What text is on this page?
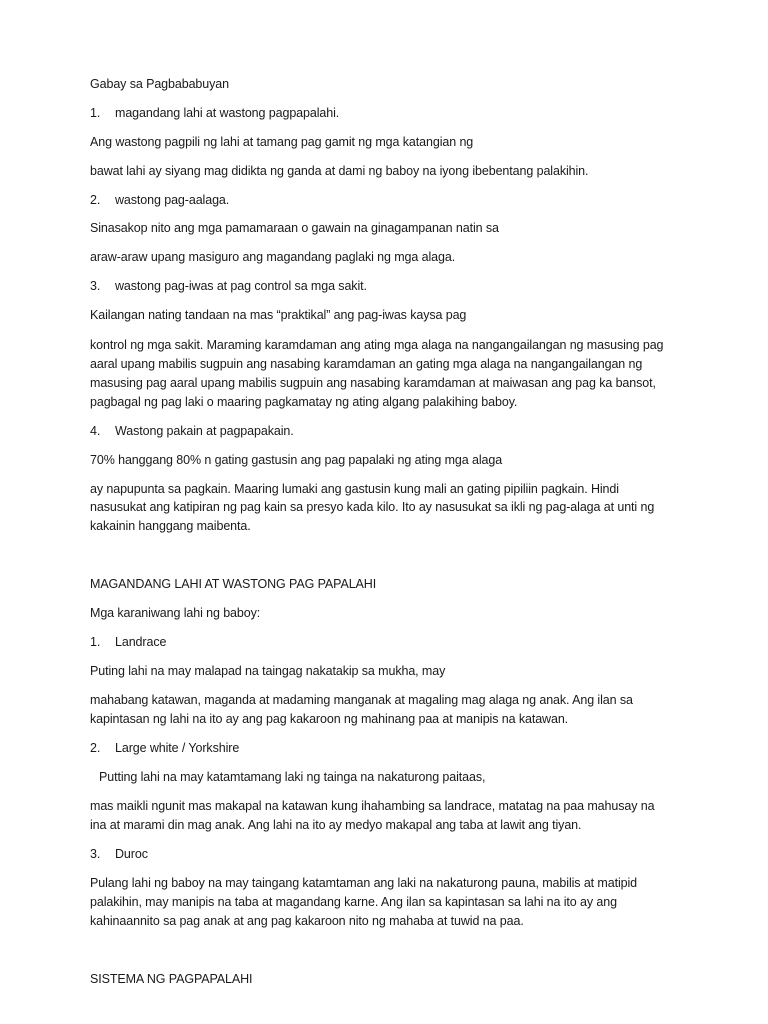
Gabay sa Pagbababuyan
1. magandang lahi at wastong pagpapalahi.
Ang wastong pagpili ng lahi at tamang pag gamit ng mga katangian ng
bawat lahi ay siyang mag didikta ng ganda at dami ng baboy na iyong ibebentang palakihin.
2. wastong pag-aalaga.
Sinasakop nito ang mga pamamaraan o gawain na ginagampanan natin sa
araw-araw upang masiguro ang magandang paglaki ng mga alaga.
3. wastong pag-iwas at pag control sa mga sakit.
Kailangan nating tandaan na mas “praktikal” ang pag-iwas kaysa pag
kontrol ng mga sakit. Maraming karamdaman ang ating mga alaga na nangangailangan ng masusing pag
aaral upang mabilis sugpuin ang nasabing karamdaman an gating mga alaga na nangangailangan ng
masusing pag aaral upang mabilis sugpuin ang nasabing karamdaman at maiwasan ang pag ka bansot,
pagbagal ng pag laki o maaring pagkamatay ng ating algang palakihing baboy.
4. Wastong pakain at pagpapakain.
70% hanggang 80% n gating gastusin ang pag papalaki ng ating mga alaga
ay napupunta sa pagkain. Maaring lumaki ang gastusin kung mali an gating pipiliin pagkain. Hindi
nasusukat ang katipiran ng pag kain sa presyo kada kilo. Ito ay nasusukat sa ikli ng pag-alaga at unti ng
kakainin hanggang maibenta.
MAGANDANG LAHI AT WASTONG PAG PAPALAHI
Mga karaniwang lahi ng baboy:
1. Landrace
Puting lahi na may malapad na taingag nakatakip sa mukha, may
mahabang katawan, maganda at madaming manganak at magaling mag alaga ng anak. Ang ilan sa
kapintasan ng lahi na ito ay ang pag kakaroon ng mahinang paa at manipis na katawan.
2. Large white / Yorkshire
Putting lahi na may katamtamang laki ng tainga na nakaturong paitaas,
mas maikli ngunit mas makapal na katawan kung ihahambing sa landrace, matatag na paa mahusay na
ina at marami din mag anak. Ang lahi na ito ay medyo makapal ang taba at lawit ang tiyan.
3. Duroc
Pulang lahi ng baboy na may taingang katamtaman ang laki na nakaturong pauna, mabilis at matipid
palakihin, may manipis na taba at magandang karne. Ang ilan sa kapintasan sa lahi na ito ay ang
kahinaannito sa pag anak at ang pag kakaroon nito ng mahaba at tuwid na paa.
SISTEMA NG PAGPAPALAHI
